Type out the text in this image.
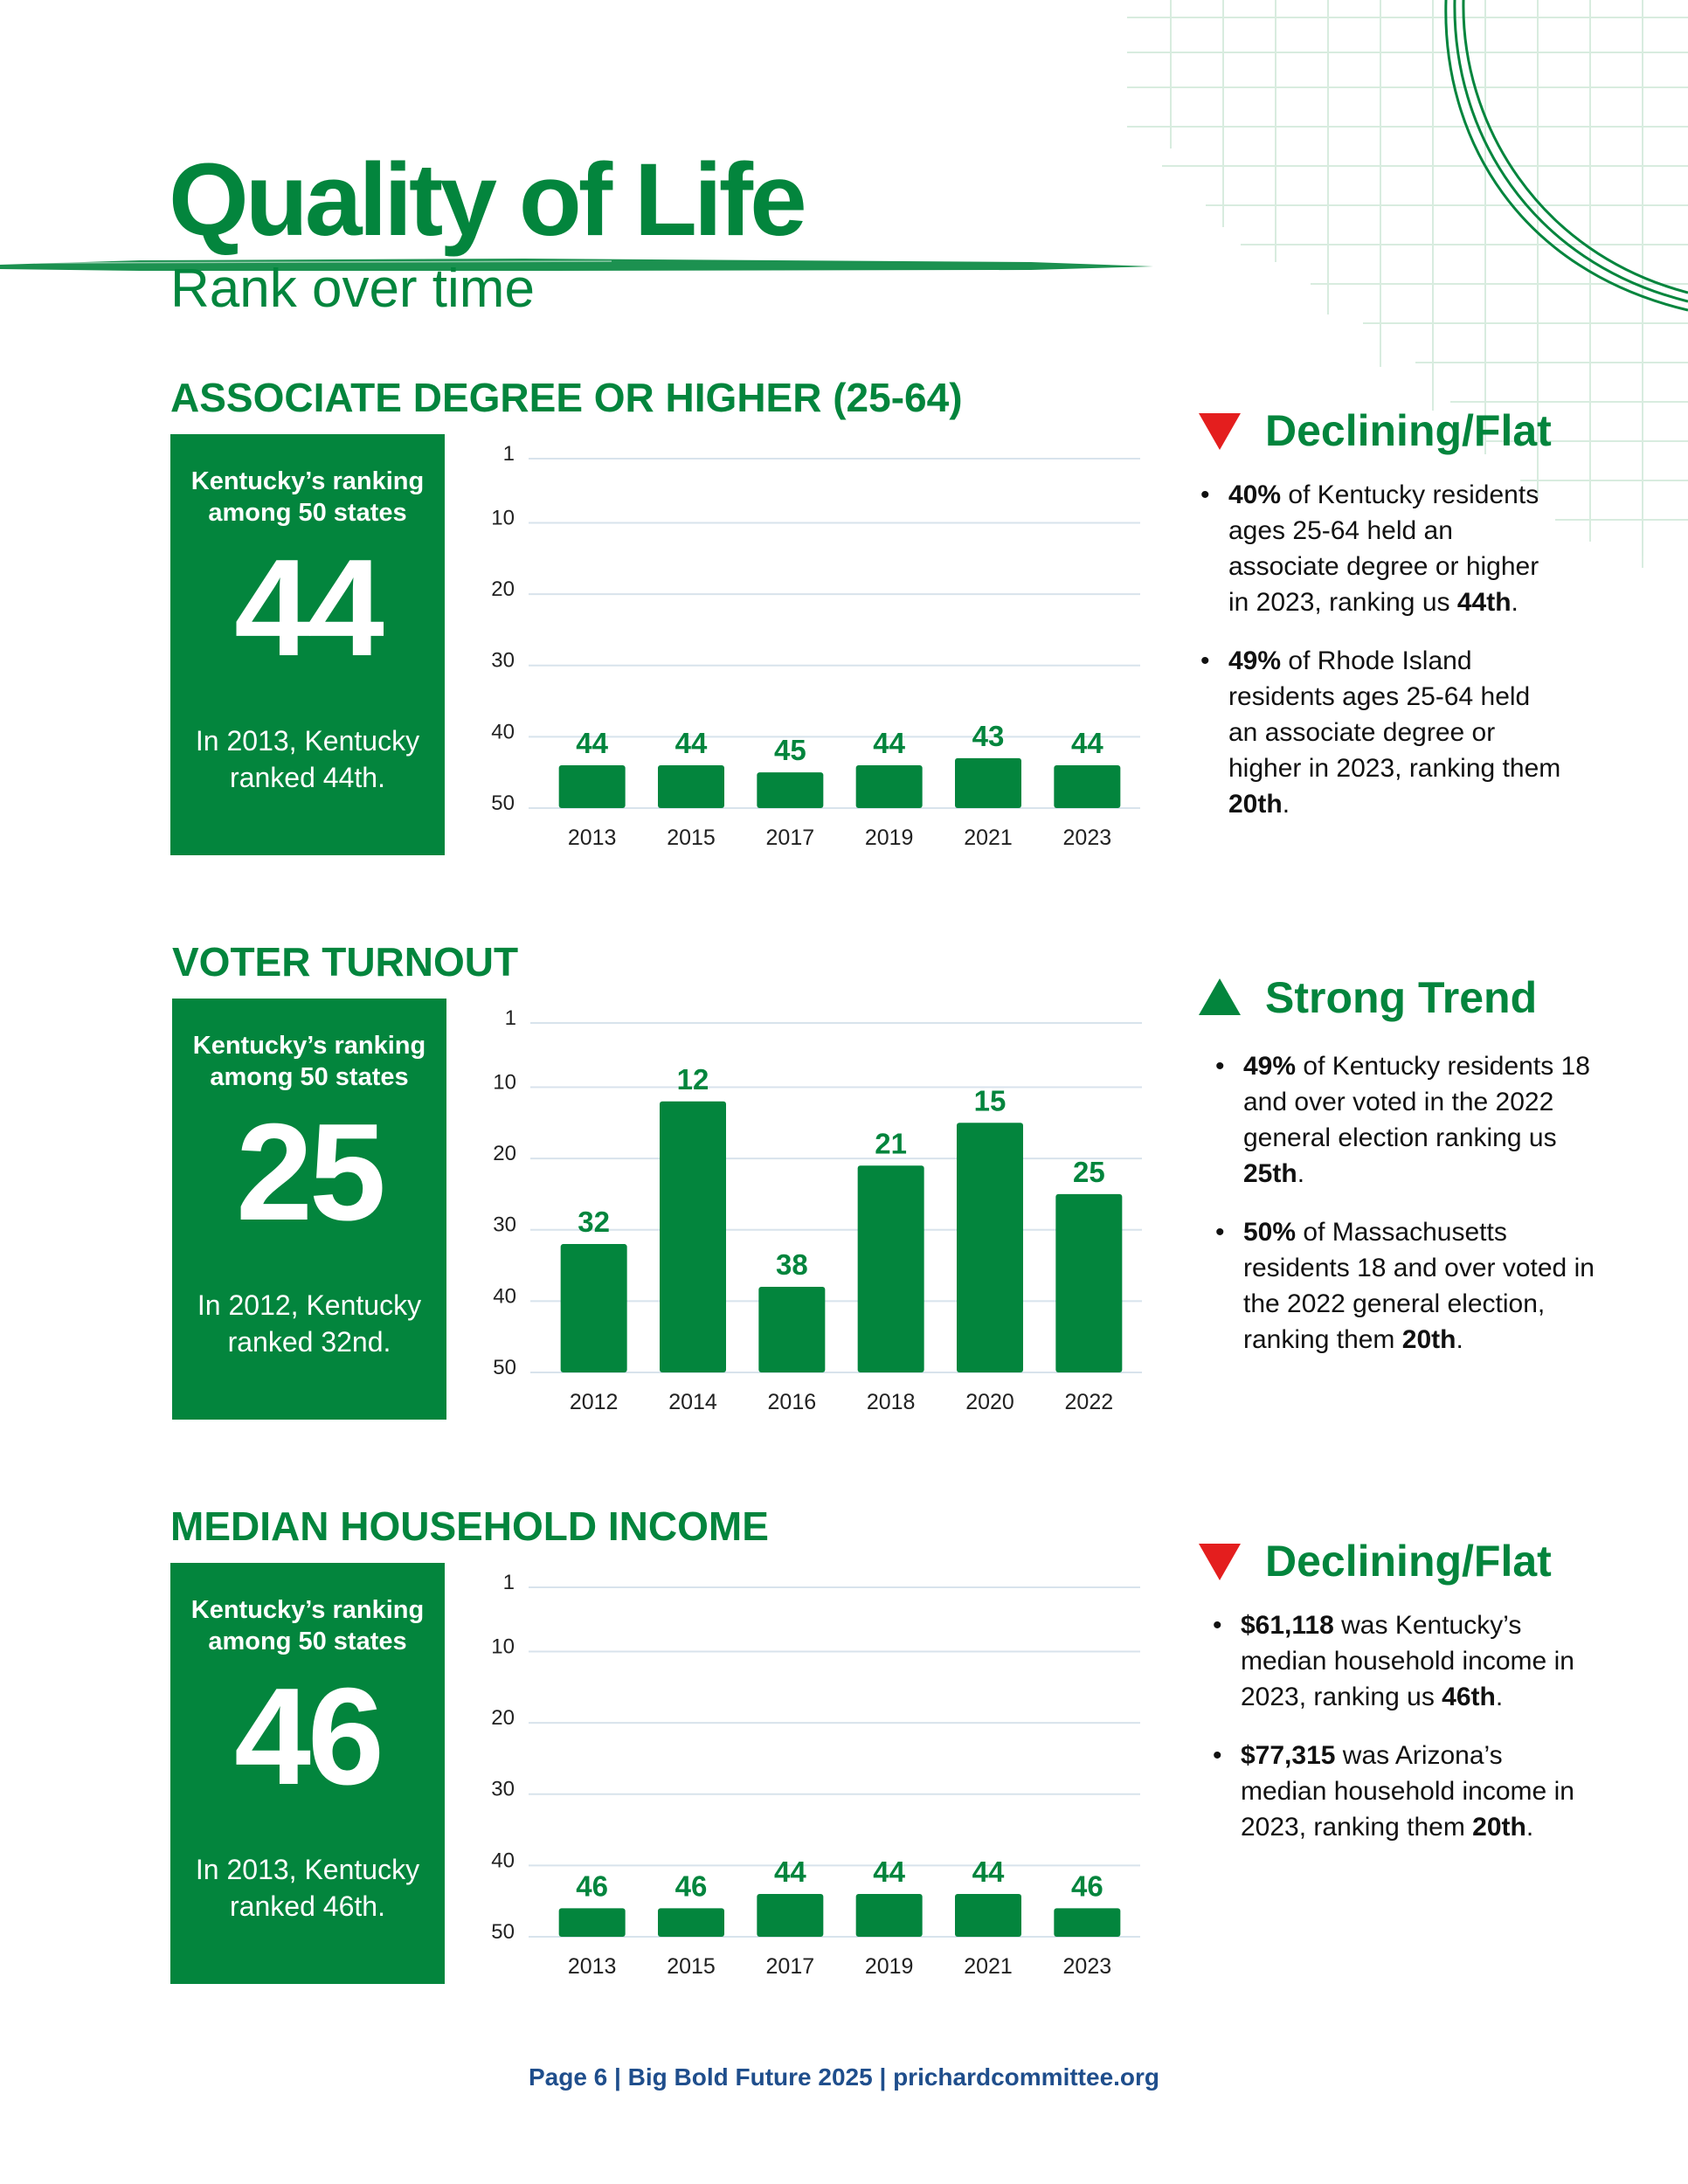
Quality of Life
Rank over time
ASSOCIATE DEGREE OR HIGHER (25-64)
Kentucky’s ranking among 50 states
44
In 2013, Kentucky ranked 44th.
1
10
20
30
40
50
44
2013
44
2015
45
2017
44
2019
43
2021
44
2023
Declining/Flat
• 40% of Kentucky residents ages 25-64 held an associate degree or higher in 2023, ranking us 44th.
• 49% of Rhode Island residents ages 25-64 held an associate degree or higher in 2023, ranking them 20th.
VOTER TURNOUT
Kentucky’s ranking among 50 states
25
In 2012, Kentucky ranked 32nd.
1
10
20
30
40
50
32
2012
12
2014
38
2016
21
2018
15
2020
25
2022
Strong Trend
• 49% of Kentucky residents 18 and over voted in the 2022 general election ranking us 25th.
• 50% of Massachusetts residents 18 and over voted in the 2022 general election, ranking them 20th.
MEDIAN HOUSEHOLD INCOME
Kentucky’s ranking among 50 states
46
In 2013, Kentucky ranked 46th.
1
10
20
30
40
50
46
2013
46
2015
44
2017
44
2019
44
2021
46
2023
Declining/Flat
• $61,118 was Kentucky’s median household income in 2023, ranking us 46th.
• $77,315 was Arizona’s median household income in 2023, ranking them 20th.
Page 6 | Big Bold Future 2025 | prichardcommittee.org
